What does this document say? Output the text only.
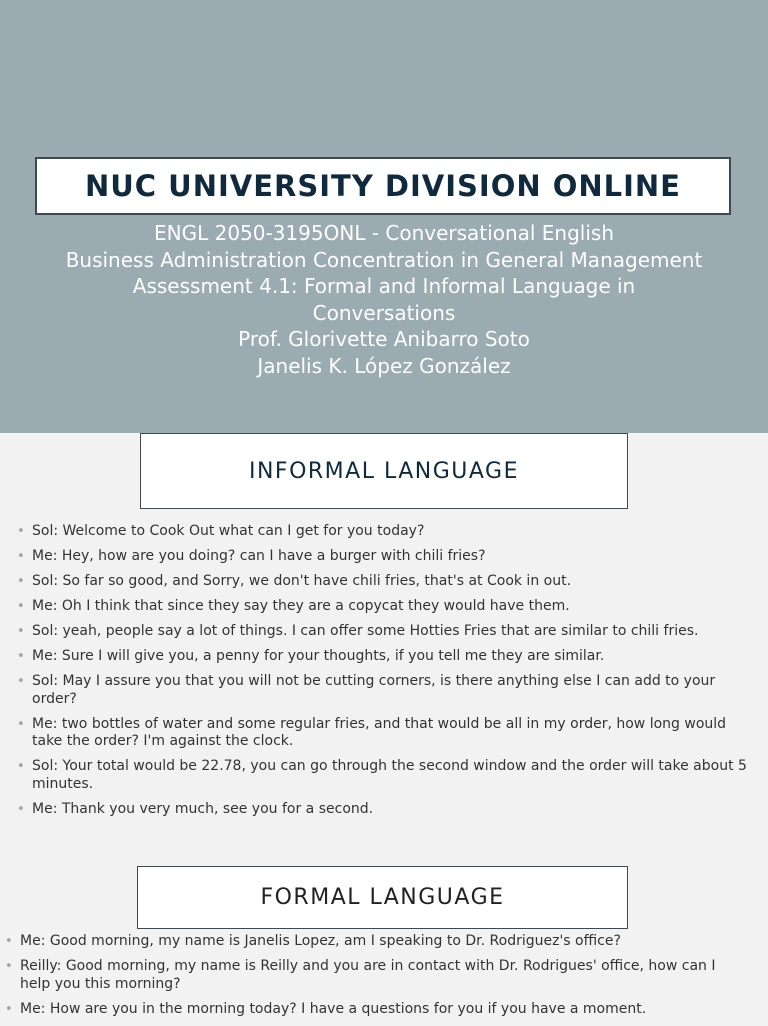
NUC UNIVERSITY DIVISION ONLINE
ENGL 2050-3195ONL - Conversational English
Business Administration Concentration in General Management
Assessment 4.1: Formal and Informal Language in
Conversations
Prof. Glorivette Anibarro Soto
Janelis K. López González
INFORMAL LANGUAGE
• Sol: Welcome to Cook Out what can I get for you today?
• Me: Hey, how are you doing? can I have a burger with chili fries?
• Sol: So far so good, and Sorry, we don't have chili fries, that's at Cook in out.
• Me: Oh I think that since they say they are a copycat they would have them.
• Sol: yeah, people say a lot of things. I can offer some Hotties Fries that are similar to chili fries.
• Me: Sure I will give you, a penny for your thoughts, if you tell me they are similar.
• Sol: May I assure you that you will not be cutting corners, is there anything else I can add to your order?
• Me: two bottles of water and some regular fries, and that would be all in my order, how long would take the order? I'm against the clock.
• Sol: Your total would be 22.78, you can go through the second window and the order will take about 5 minutes.
• Me: Thank you very much, see you for a second.
FORMAL LANGUAGE
• Me: Good morning, my name is Janelis Lopez, am I speaking to Dr. Rodriguez's office?
• Reilly: Good morning, my name is Reilly and you are in contact with Dr. Rodrigues' office, how can I help you this morning?
• Me: How are you in the morning today? I have a questions for you if you have a moment.
